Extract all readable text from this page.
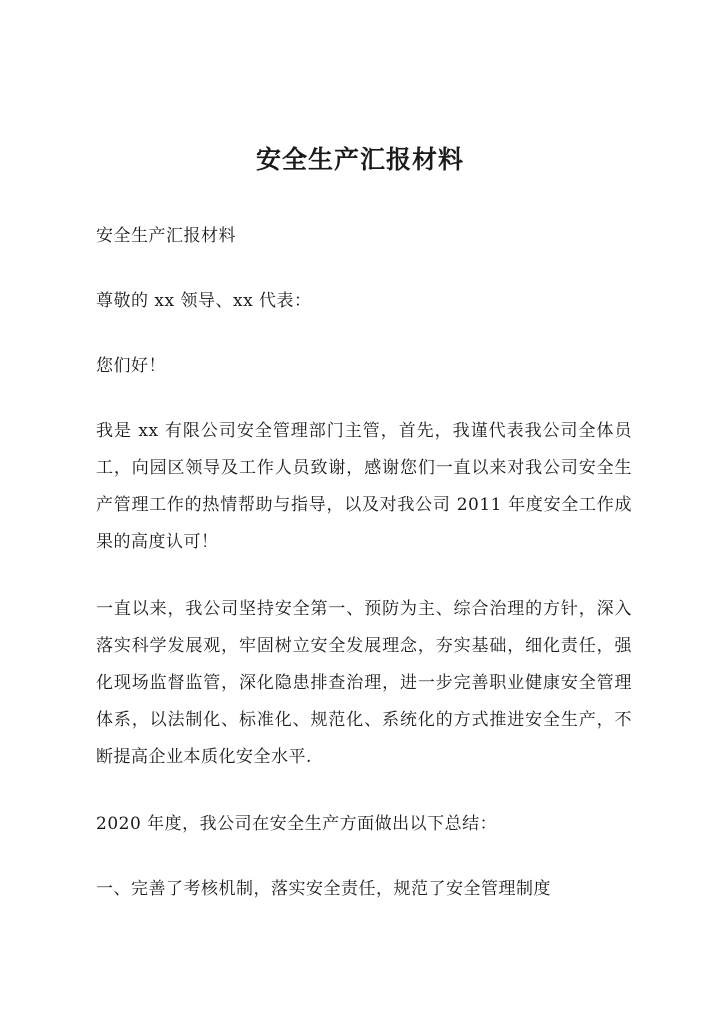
安全生产汇报材料

安全生产汇报材料

尊敬的 xx 领导、xx 代表：

您们好！

我是 xx 有限公司安全管理部门主管，首先，我谨代表我公司全体员工，向园区领导及工作人员致谢，感谢您们一直以来对我公司安全生产管理工作的热情帮助与指导，以及对我公司 2011 年度安全工作成果的高度认可！

一直以来，我公司坚持安全第一、预防为主、综合治理的方针，深入落实科学发展观，牢固树立安全发展理念，夯实基础，细化责任，强化现场监督监管，深化隐患排查治理，进一步完善职业健康安全管理体系，以法制化、标准化、规范化、系统化的方式推进安全生产，不断提高企业本质化安全水平.

2020 年度，我公司在安全生产方面做出以下总结：

一、完善了考核机制，落实安全责任，规范了安全管理制度
